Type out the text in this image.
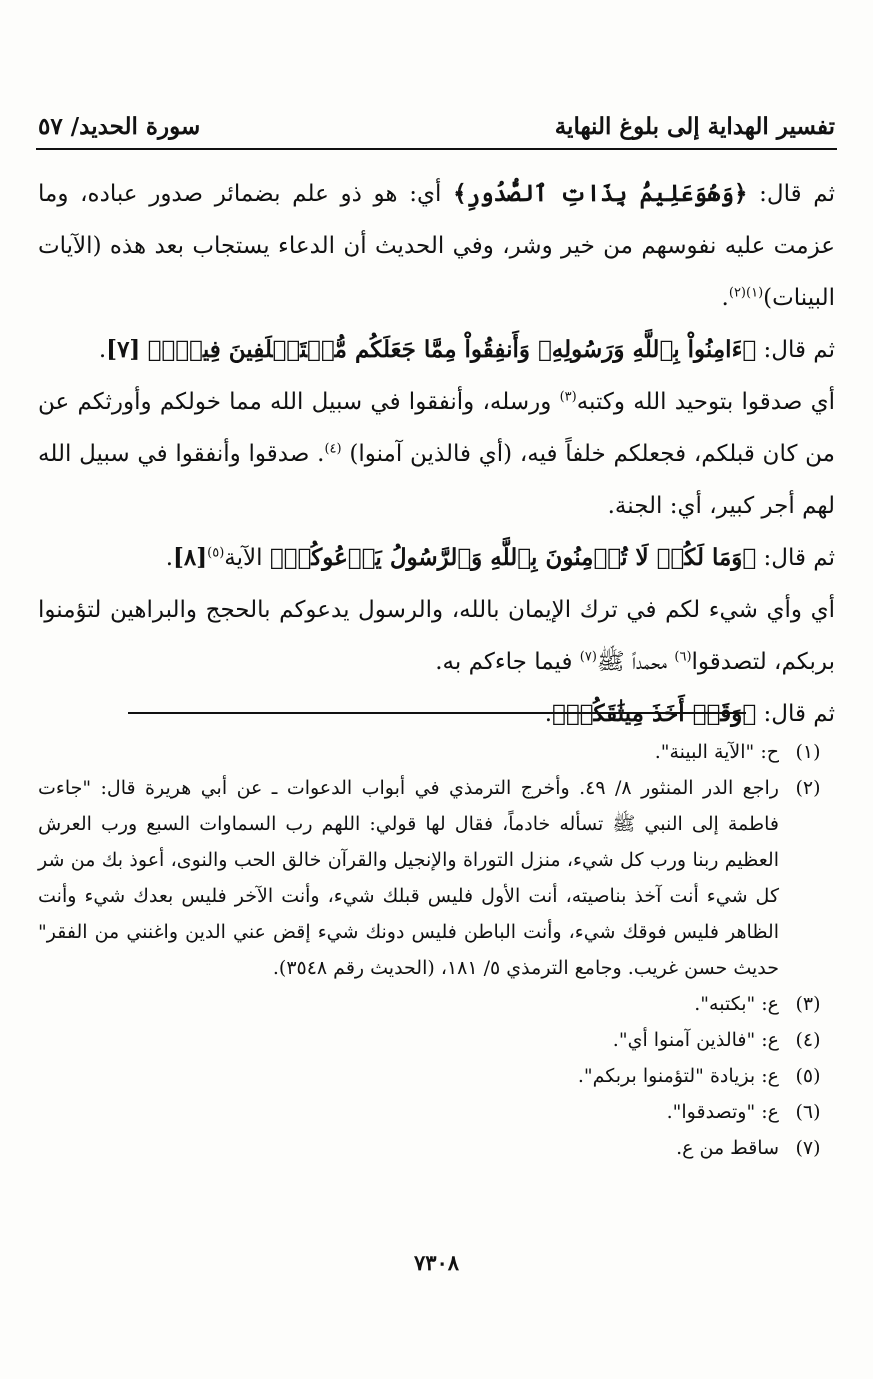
تفسير الهداية إلى بلوغ النهاية
سورة الحديد/ ٥٧

ثم قال: ﴿وَهُوَعَلِيمُۢ بِذَاتِ ٱلصُّدُورِ﴾ أي: هو ذو علم بضمائر صدور عباده، وما عزمت عليه نفوسهم من خير وشر، وفي الحديث أن الدعاء يستجاب بعد هذه (الآيات البينات)$^{(١)(٢)}$.

ثم قال: ﴿ءَامِنُواْ بِٱللَّهِ وَرَسُولِهِۦ وَأَنفِقُواْ مِمَّا جَعَلَكُم مُّسۡتَخۡلَفِينَ فِيهِۖ﴾ [٧].

أي صدقوا بتوحيد الله وكتبه$^{(٣)}$ ورسله، وأنفقوا في سبيل الله مما خولكم وأورثكم عن من كان قبلكم، فجعلكم خلفاً فيه، (أي فالذين آمنوا) $^{(٤)}$. صدقوا وأنفقوا في سبيل الله لهم أجر كبير، أي: الجنة.

ثم قال: ﴿وَمَا لَكُمۡ لَا تُؤۡمِنُونَ بِٱللَّهِ وَٱلرَّسُولُ يَدۡعُوكُمۡ﴾ الآية$^{(٥)}$[٨].

أي وأي شيء لكم في ترك الإيمان بالله، والرسول يدعوكم بالحجج والبراهين لتؤمنوا بربكم، لتصدقوا$^{(٦)}$ محمداً ﷺ$^{(٧)}$ فيما جاءكم به.

ثم قال: ﴿وَقَدۡ أَخَذَ مِيثَٰقَكُمۡ﴾.

(١)
ح: "الآية البينة".
(٢)
راجع الدر المنثور ٨/ ٤٩. وأخرج الترمذي في أبواب الدعوات ـ عن أبي هريرة قال: "جاءت فاطمة إلى النبي ﷺ تسأله خادماً، فقال لها قولي: اللهم رب السماوات السبع ورب العرش العظيم ربنا ورب كل شيء، منزل التوراة والإنجيل والقرآن خالق الحب والنوى، أعوذ بك من شر كل شيء أنت آخذ بناصيته، أنت الأول فليس قبلك شيء، وأنت الآخر فليس بعدك شيء وأنت الظاهر فليس فوقك شيء، وأنت الباطن فليس دونك شيء إقض عني الدين واغنني من الفقر" حديث حسن غريب. وجامع الترمذي ٥/ ١٨١، (الحديث رقم ٣٥٤٨).
(٣)
ع: "بكتبه".
(٤)
ع: "فالذين آمنوا أي".
(٥)
ع: بزيادة "لتؤمنوا بربكم".
(٦)
ع: "وتصدقوا".
(٧)
ساقط من ع.
٧٣٠٨
